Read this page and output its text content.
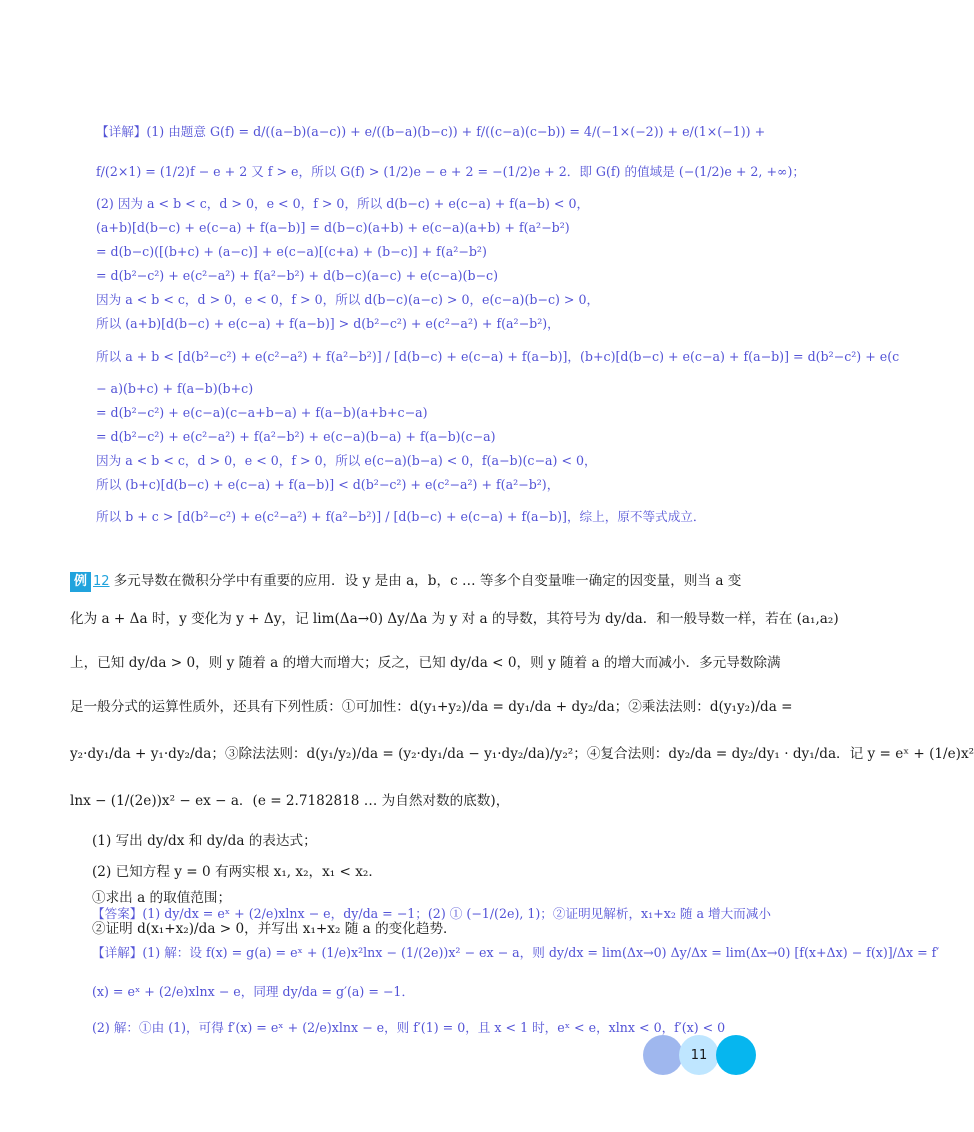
【详解】(1) 由题意 G(f) = d/((a−b)(a−c)) + e/((b−a)(b−c)) + f/((c−a)(c−b)) = 4/(−1×(−2)) + e/(1×(−1)) +
f/(2×1) = (1/2)f − e + 2 又 f > e，所以 G(f) > (1/2)e − e + 2 = −(1/2)e + 2．即 G(f) 的值域是 (−(1/2)e + 2, +∞)；
(2) 因为 a < b < c，d > 0，e < 0，f > 0，所以 d(b−c) + e(c−a) + f(a−b) < 0，
(a+b)[d(b−c) + e(c−a) + f(a−b)] = d(b−c)(a+b) + e(c−a)(a+b) + f(a²−b²)
= d(b−c)([(b+c) + (a−c)] + e(c−a)[(c+a) + (b−c)] + f(a²−b²)
= d(b²−c²) + e(c²−a²) + f(a²−b²) + d(b−c)(a−c) + e(c−a)(b−c)
因为 a < b < c，d > 0，e < 0，f > 0，所以 d(b−c)(a−c) > 0，e(c−a)(b−c) > 0，
所以 (a+b)[d(b−c) + e(c−a) + f(a−b)] > d(b²−c²) + e(c²−a²) + f(a²−b²)，
所以 a + b < [d(b²−c²) + e(c²−a²) + f(a²−b²)] / [d(b−c) + e(c−a) + f(a−b)]，(b+c)[d(b−c) + e(c−a) + f(a−b)] = d(b²−c²) + e(c
− a)(b+c) + f(a−b)(b+c)
= d(b²−c²) + e(c−a)(c−a+b−a) + f(a−b)(a+b+c−a)
= d(b²−c²) + e(c²−a²) + f(a²−b²) + e(c−a)(b−a) + f(a−b)(c−a)
因为 a < b < c，d > 0，e < 0，f > 0，所以 e(c−a)(b−a) < 0，f(a−b)(c−a) < 0，
所以 (b+c)[d(b−c) + e(c−a) + f(a−b)] < d(b²−c²) + e(c²−a²) + f(a²−b²)，
所以 b + c > [d(b²−c²) + e(c²−a²) + f(a²−b²)] / [d(b−c) + e(c−a) + f(a−b)]，综上，原不等式成立．
例 12 多元导数在微积分学中有重要的应用．设 y 是由 a，b，c … 等多个自变量唯一确定的因变量，则当 a 变
化为 a + Δa 时，y 变化为 y + Δy，记 lim(Δa→0) Δy/Δa 为 y 对 a 的导数，其符号为 dy/da．和一般导数一样，若在 (a₁,a₂)
上，已知 dy/da > 0，则 y 随着 a 的增大而增大；反之，已知 dy/da < 0，则 y 随着 a 的增大而减小．多元导数除满
足一般分式的运算性质外，还具有下列性质：①可加性：d(y₁+y₂)/da = dy₁/da + dy₂/da；②乘法法则：d(y₁y₂)/da =
y₂·dy₁/da + y₁·dy₂/da；③除法法则：d(y₁/y₂)/da = (y₂·dy₁/da − y₁·dy₂/da)/y₂²；④复合法则：dy₂/da = dy₂/dy₁ · dy₁/da．记 y = eˣ + (1/e)x²
lnx − (1/(2e))x² − ex − a．(e = 2.7182818 … 为自然对数的底数)，
(1) 写出 dy/dx 和 dy/da 的表达式；
(2) 已知方程 y = 0 有两实根 x₁, x₂，x₁ < x₂．
①求出 a 的取值范围；
②证明 d(x₁+x₂)/da > 0，并写出 x₁+x₂ 随 a 的变化趋势．
【答案】(1) dy/dx = eˣ + (2/e)xlnx − e，dy/da = −1；(2) ① (−1/(2e), 1)；②证明见解析，x₁+x₂ 随 a 增大而减小
【详解】(1) 解：设 f(x) = g(a) = eˣ + (1/e)x²lnx − (1/(2e))x² − ex − a，则 dy/dx = lim(Δx→0) Δy/Δx = lim(Δx→0) [f(x+Δx) − f(x)]/Δx = f′
(x) = eˣ + (2/e)xlnx − e，同理 dy/da = g′(a) = −1．
(2) 解：①由 (1)，可得 f′(x) = eˣ + (2/e)xlnx − e，则 f′(1) = 0，且 x < 1 时，eˣ < e，xlnx < 0，f′(x) < 0
11
